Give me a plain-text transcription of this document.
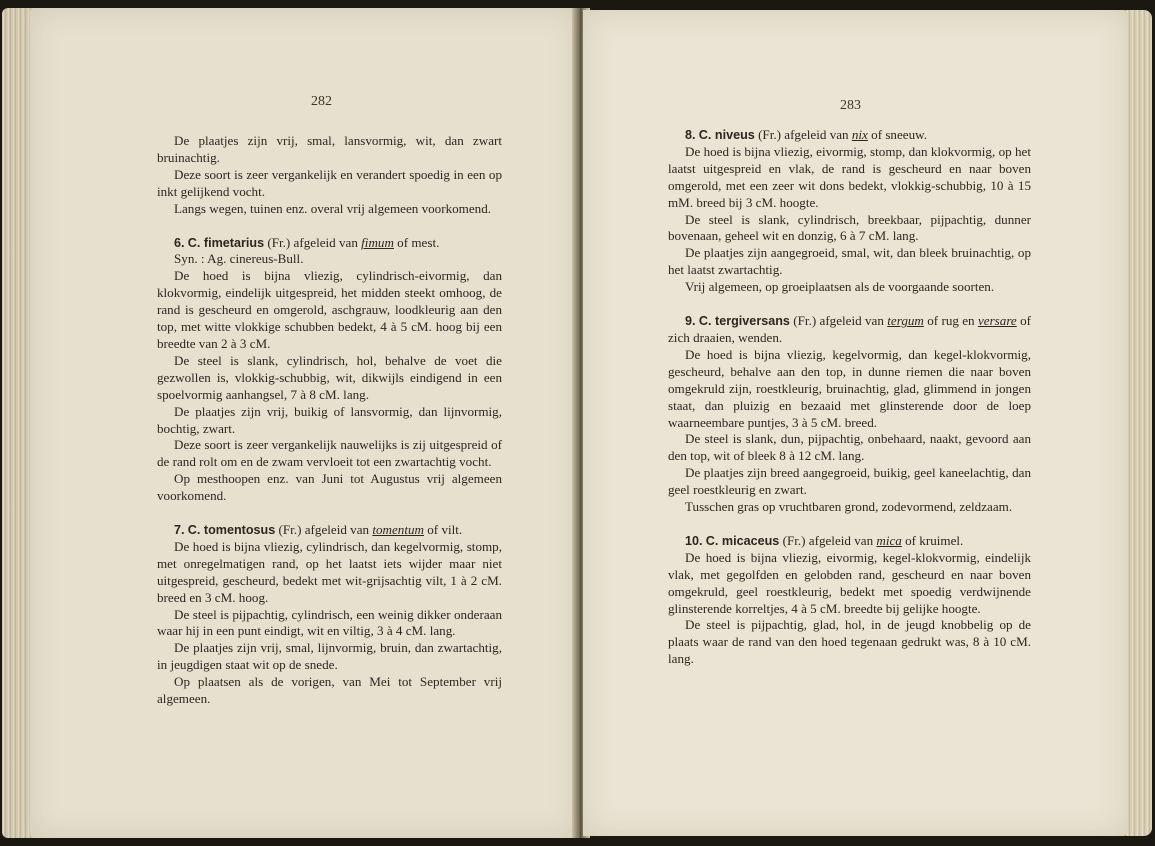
282

De plaatjes zijn vrij, smal, lansvormig, wit, dan zwart bruinachtig.

Deze soort is zeer vergankelijk en verandert spoedig in een op inkt gelijkend vocht.

Langs wegen, tuinen enz. overal vrij algemeen voorkomend.

6. C. fimetarius (Fr.) afgeleid van fimum of mest.

Syn. : Ag. cinereus-Bull.

De hoed is bijna vliezig, cylindrisch-eivormig, dan klokvormig, eindelijk uitgespreid, het midden steekt omhoog, de rand is gescheurd en omgerold, aschgrauw, loodkleurig aan den top, met witte vlokkige schubben bedekt, 4 à 5 cM. hoog bij een breedte van 2 à 3 cM.

De steel is slank, cylindrisch, hol, behalve de voet die gezwollen is, vlokkig-schubbig, wit, dikwijls eindigend in een spoelvormig aanhangsel, 7 à 8 cM. lang.

De plaatjes zijn vrij, buikig of lansvormig, dan lijnvormig, bochtig, zwart.

Deze soort is zeer vergankelijk nauwelijks is zij uitgespreid of de rand rolt om en de zwam vervloeit tot een zwartachtig vocht.

Op mesthoopen enz. van Juni tot Augustus vrij algemeen voorkomend.

7. C. tomentosus (Fr.) afgeleid van tomentum of vilt.

De hoed is bijna vliezig, cylindrisch, dan kegelvormig, stomp, met onregelmatigen rand, op het laatst iets wijder maar niet uitgespreid, gescheurd, bedekt met wit-grijsachtig vilt, 1 à 2 cM. breed en 3 cM. hoog.

De steel is pijpachtig, cylindrisch, een weinig dikker onderaan waar hij in een punt eindigt, wit en viltig, 3 à 4 cM. lang.

De plaatjes zijn vrij, smal, lijnvormig, bruin, dan zwartachtig, in jeugdigen staat wit op de snede.

Op plaatsen als de vorigen, van Mei tot September vrij algemeen.

283

8. C. niveus (Fr.) afgeleid van nix of sneeuw.

De hoed is bijna vliezig, eivormig, stomp, dan klokvormig, op het laatst uitgespreid en vlak, de rand is gescheurd en naar boven omgerold, met een zeer wit dons bedekt, vlokkig-schubbig, 10 à 15 mM. breed bij 3 cM. hoogte.

De steel is slank, cylindrisch, breekbaar, pijpachtig, dunner bovenaan, geheel wit en donzig, 6 à 7 cM. lang.

De plaatjes zijn aangegroeid, smal, wit, dan bleek bruinachtig, op het laatst zwartachtig.

Vrij algemeen, op groeiplaatsen als de voorgaande soorten.

9. C. tergiversans (Fr.) afgeleid van tergum of rug en versare of zich draaien, wenden.

De hoed is bijna vliezig, kegelvormig, dan kegel-klokvormig, gescheurd, behalve aan den top, in dunne riemen die naar boven omgekruld zijn, roestkleurig, bruinachtig, glad, glimmend in jongen staat, dan pluizig en bezaaid met glinsterende door de loep waarneembare puntjes, 3 à 5 cM. breed.

De steel is slank, dun, pijpachtig, onbehaard, naakt, gevoord aan den top, wit of bleek 8 à 12 cM. lang.

De plaatjes zijn breed aangegroeid, buikig, geel kaneelachtig, dan geel roestkleurig en zwart.

Tusschen gras op vruchtbaren grond, zodevormend, zeldzaam.

10. C. micaceus (Fr.) afgeleid van mica of kruimel.

De hoed is bijna vliezig, eivormig, kegel-klokvormig, eindelijk vlak, met gegolfden en gelobden rand, gescheurd en naar boven omgekruld, geel roestkleurig, bedekt met spoedig verdwijnende glinsterende korreltjes, 4 à 5 cM. breedte bij gelijke hoogte.

De steel is pijpachtig, glad, hol, in de jeugd knobbelig op de plaats waar de rand van den hoed tegenaan gedrukt was, 8 à 10 cM. lang.
